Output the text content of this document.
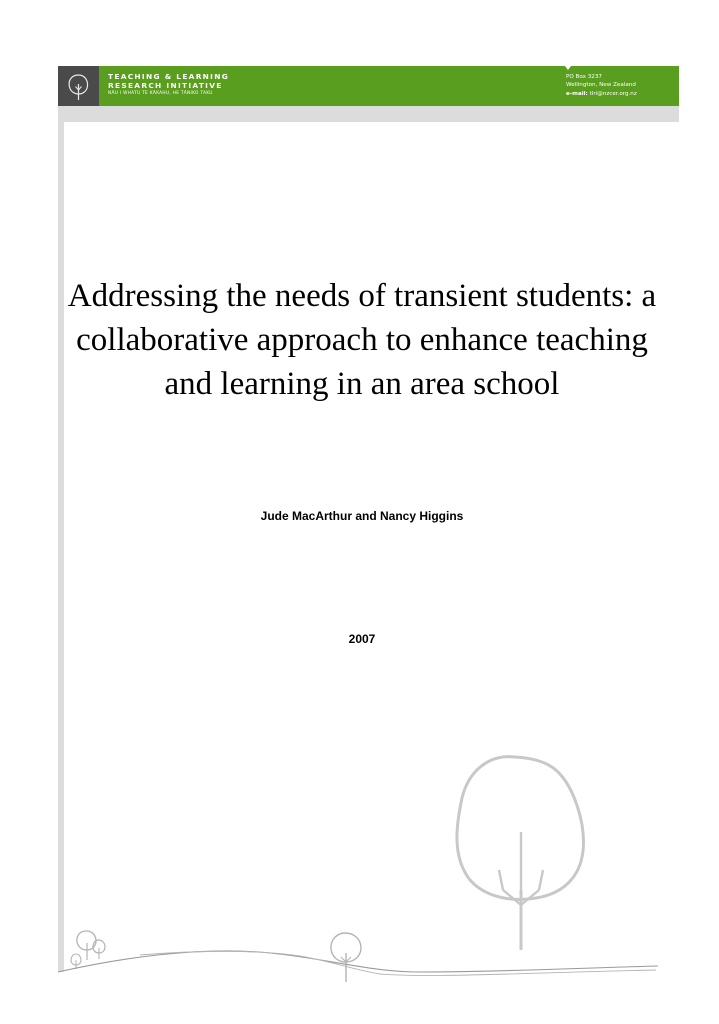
TEACHING & LEARNING
RESEARCH INITIATIVE
NĀU I WHATU TE KĀKAHU, HE TĀNIKO TAKU
PO Box 3237
Wellington, New Zealand
e-mail: tlri@nzcer.org.nz
Addressing the needs of transient students: a
collaborative approach to enhance teaching
and learning in an area school
Jude MacArthur and Nancy Higgins
2007
